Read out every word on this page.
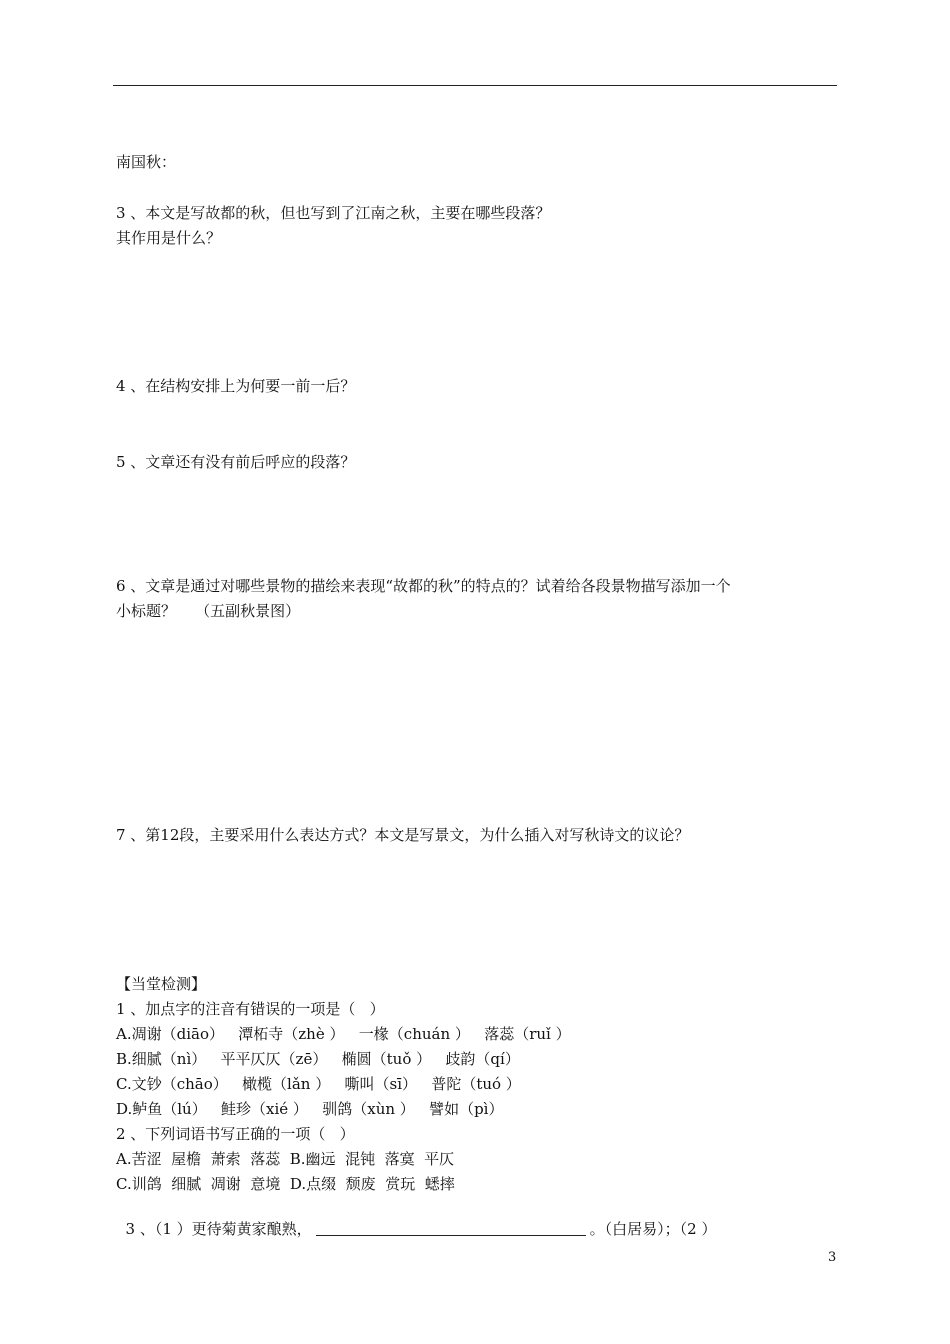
南国秋：
3 、本文是写故都的秋，但也写到了江南之秋，主要在哪些段落？
其作用是什么？
4 、在结构安排上为何要一前一后？
5 、文章还有没有前后呼应的段落？
6 、文章是通过对哪些景物的描绘来表现“故都的秋”的特点的？试着给各段景物描写添加一个
小标题？    （五副秋景图）
7 、第12段，主要采用什么表达方式？本文是写景文，为什么插入对写秋诗文的议论？
【当堂检测】
1 、加点字的注音有错误的一项是（   ）
A.凋谢（diāo）   潭柘寺（zhè ）   一椽（chuán ）   落蕊（ruǐ ）
B.细腻（nì）   平平仄仄（zē）   椭圆（tuǒ ）   歧韵（qí）
C.文钞（chāo）   橄榄（lǎn ）   嘶叫（sī）   普陀（tuó ）
D.鲈鱼（lú）   鲑珍（xié ）   驯鸽（xùn ）   譬如（pì）
2 、下列词语书写正确的一项（   ）
A.苦涩  屋檐  萧索  落蕊  B.幽远  混钝  落寞  平仄
C.训鸽  细腻  凋谢  意境  D.点缀  颓废  赏玩  蟋摔

3 、（1 ）更待菊黄家酿熟，	。（白居易）；（2 ）

3
